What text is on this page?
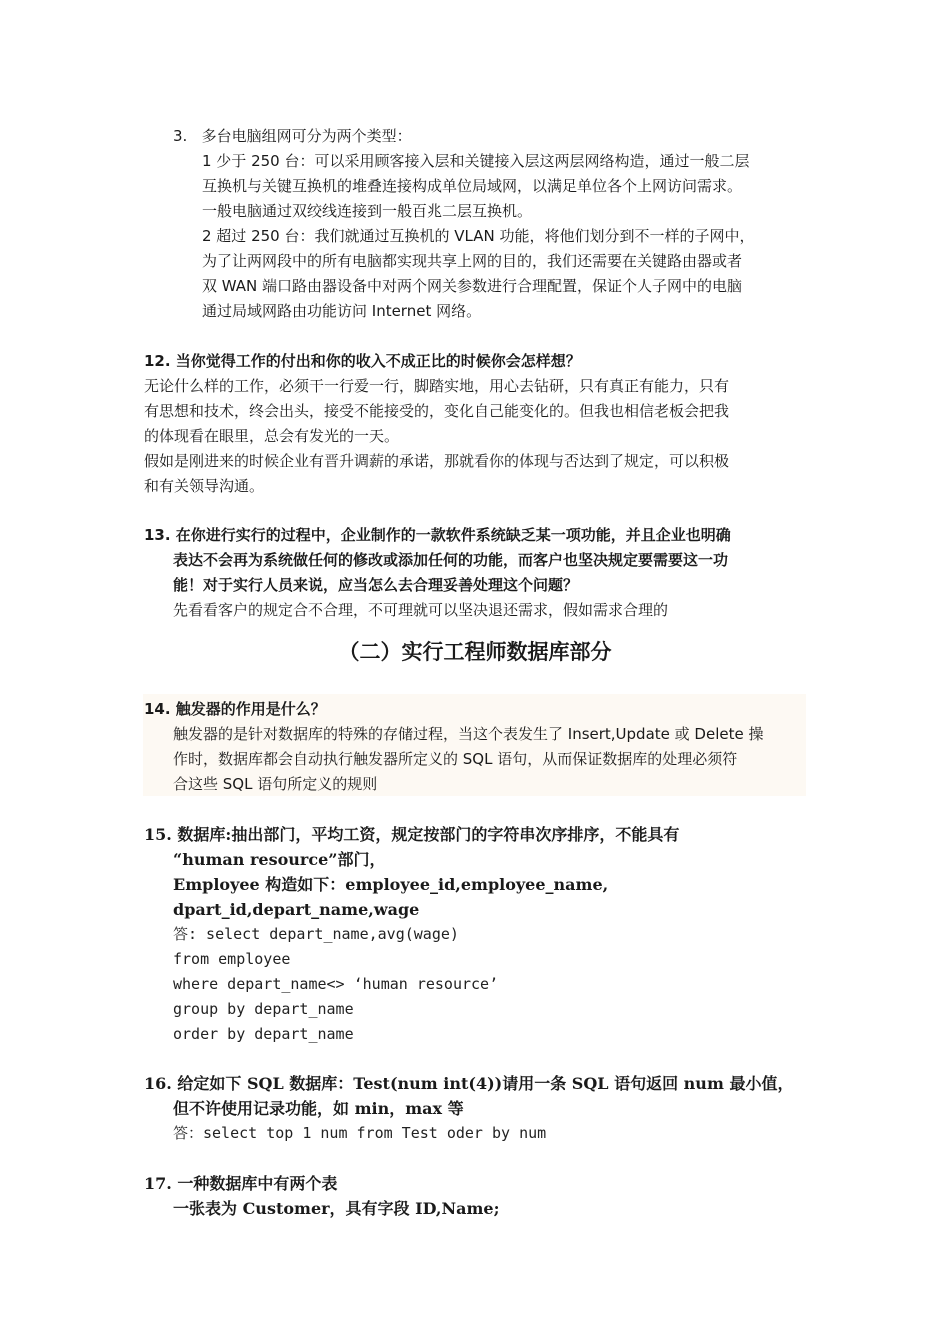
3.   多台电脑组网可分为两个类型：
1 少于 250 台：可以采用顾客接入层和关键接入层这两层网络构造，通过一般二层
互换机与关键互换机的堆叠连接构成单位局域网，以满足单位各个上网访问需求。
一般电脑通过双绞线连接到一般百兆二层互换机。
2 超过 250 台：我们就通过互换机的 VLAN 功能，将他们划分到不一样的子网中，
为了让两网段中的所有电脑都实现共享上网的目的，我们还需要在关键路由器或者
双 WAN 端口路由器设备中对两个网关参数进行合理配置，保证个人子网中的电脑
通过局域网路由功能访问 Internet 网络。
12. 当你觉得工作的付出和你的收入不成正比的时候你会怎样想？
无论什么样的工作，必须干一行爱一行，脚踏实地，用心去钻研，只有真正有能力，只有
有思想和技术，终会出头，接受不能接受的，变化自己能变化的。但我也相信老板会把我
的体现看在眼里，总会有发光的一天。
假如是刚进来的时候企业有晋升调薪的承诺，那就看你的体现与否达到了规定，可以积极
和有关领导沟通。
13. 在你进行实行的过程中，企业制作的一款软件系统缺乏某一项功能，并且企业也明确
表达不会再为系统做任何的修改或添加任何的功能，而客户也坚决规定要需要这一功
能！对于实行人员来说，应当怎么去合理妥善处理这个问题？
先看看客户的规定合不合理，不可理就可以坚决退还需求，假如需求合理的
（二）实行工程师数据库部分
14. 触发器的作用是什么？
触发器的是针对数据库的特殊的存储过程，当这个表发生了 Insert,Update 或 Delete 操
作时，数据库都会自动执行触发器所定义的 SQL 语句，从而保证数据库的处理必须符
合这些 SQL 语句所定义的规则
15. 数据库:抽出部门，平均工资，规定按部门的字符串次序排序，不能具有
“human resource”部门，
Employee 构造如下：employee_id,employee_name,
dpart_id,depart_name,wage
答: select depart_name,avg(wage)
from employee
where depart_name<> ‘human resource’
group by depart_name
order by depart_name
16. 给定如下 SQL 数据库：Test(num int(4))请用一条 SQL 语句返回 num 最小值，
但不许使用记录功能，如 min，max 等
答：select top 1 num from Test oder by num
17. 一种数据库中有两个表
一张表为 Customer，具有字段 ID,Name;
